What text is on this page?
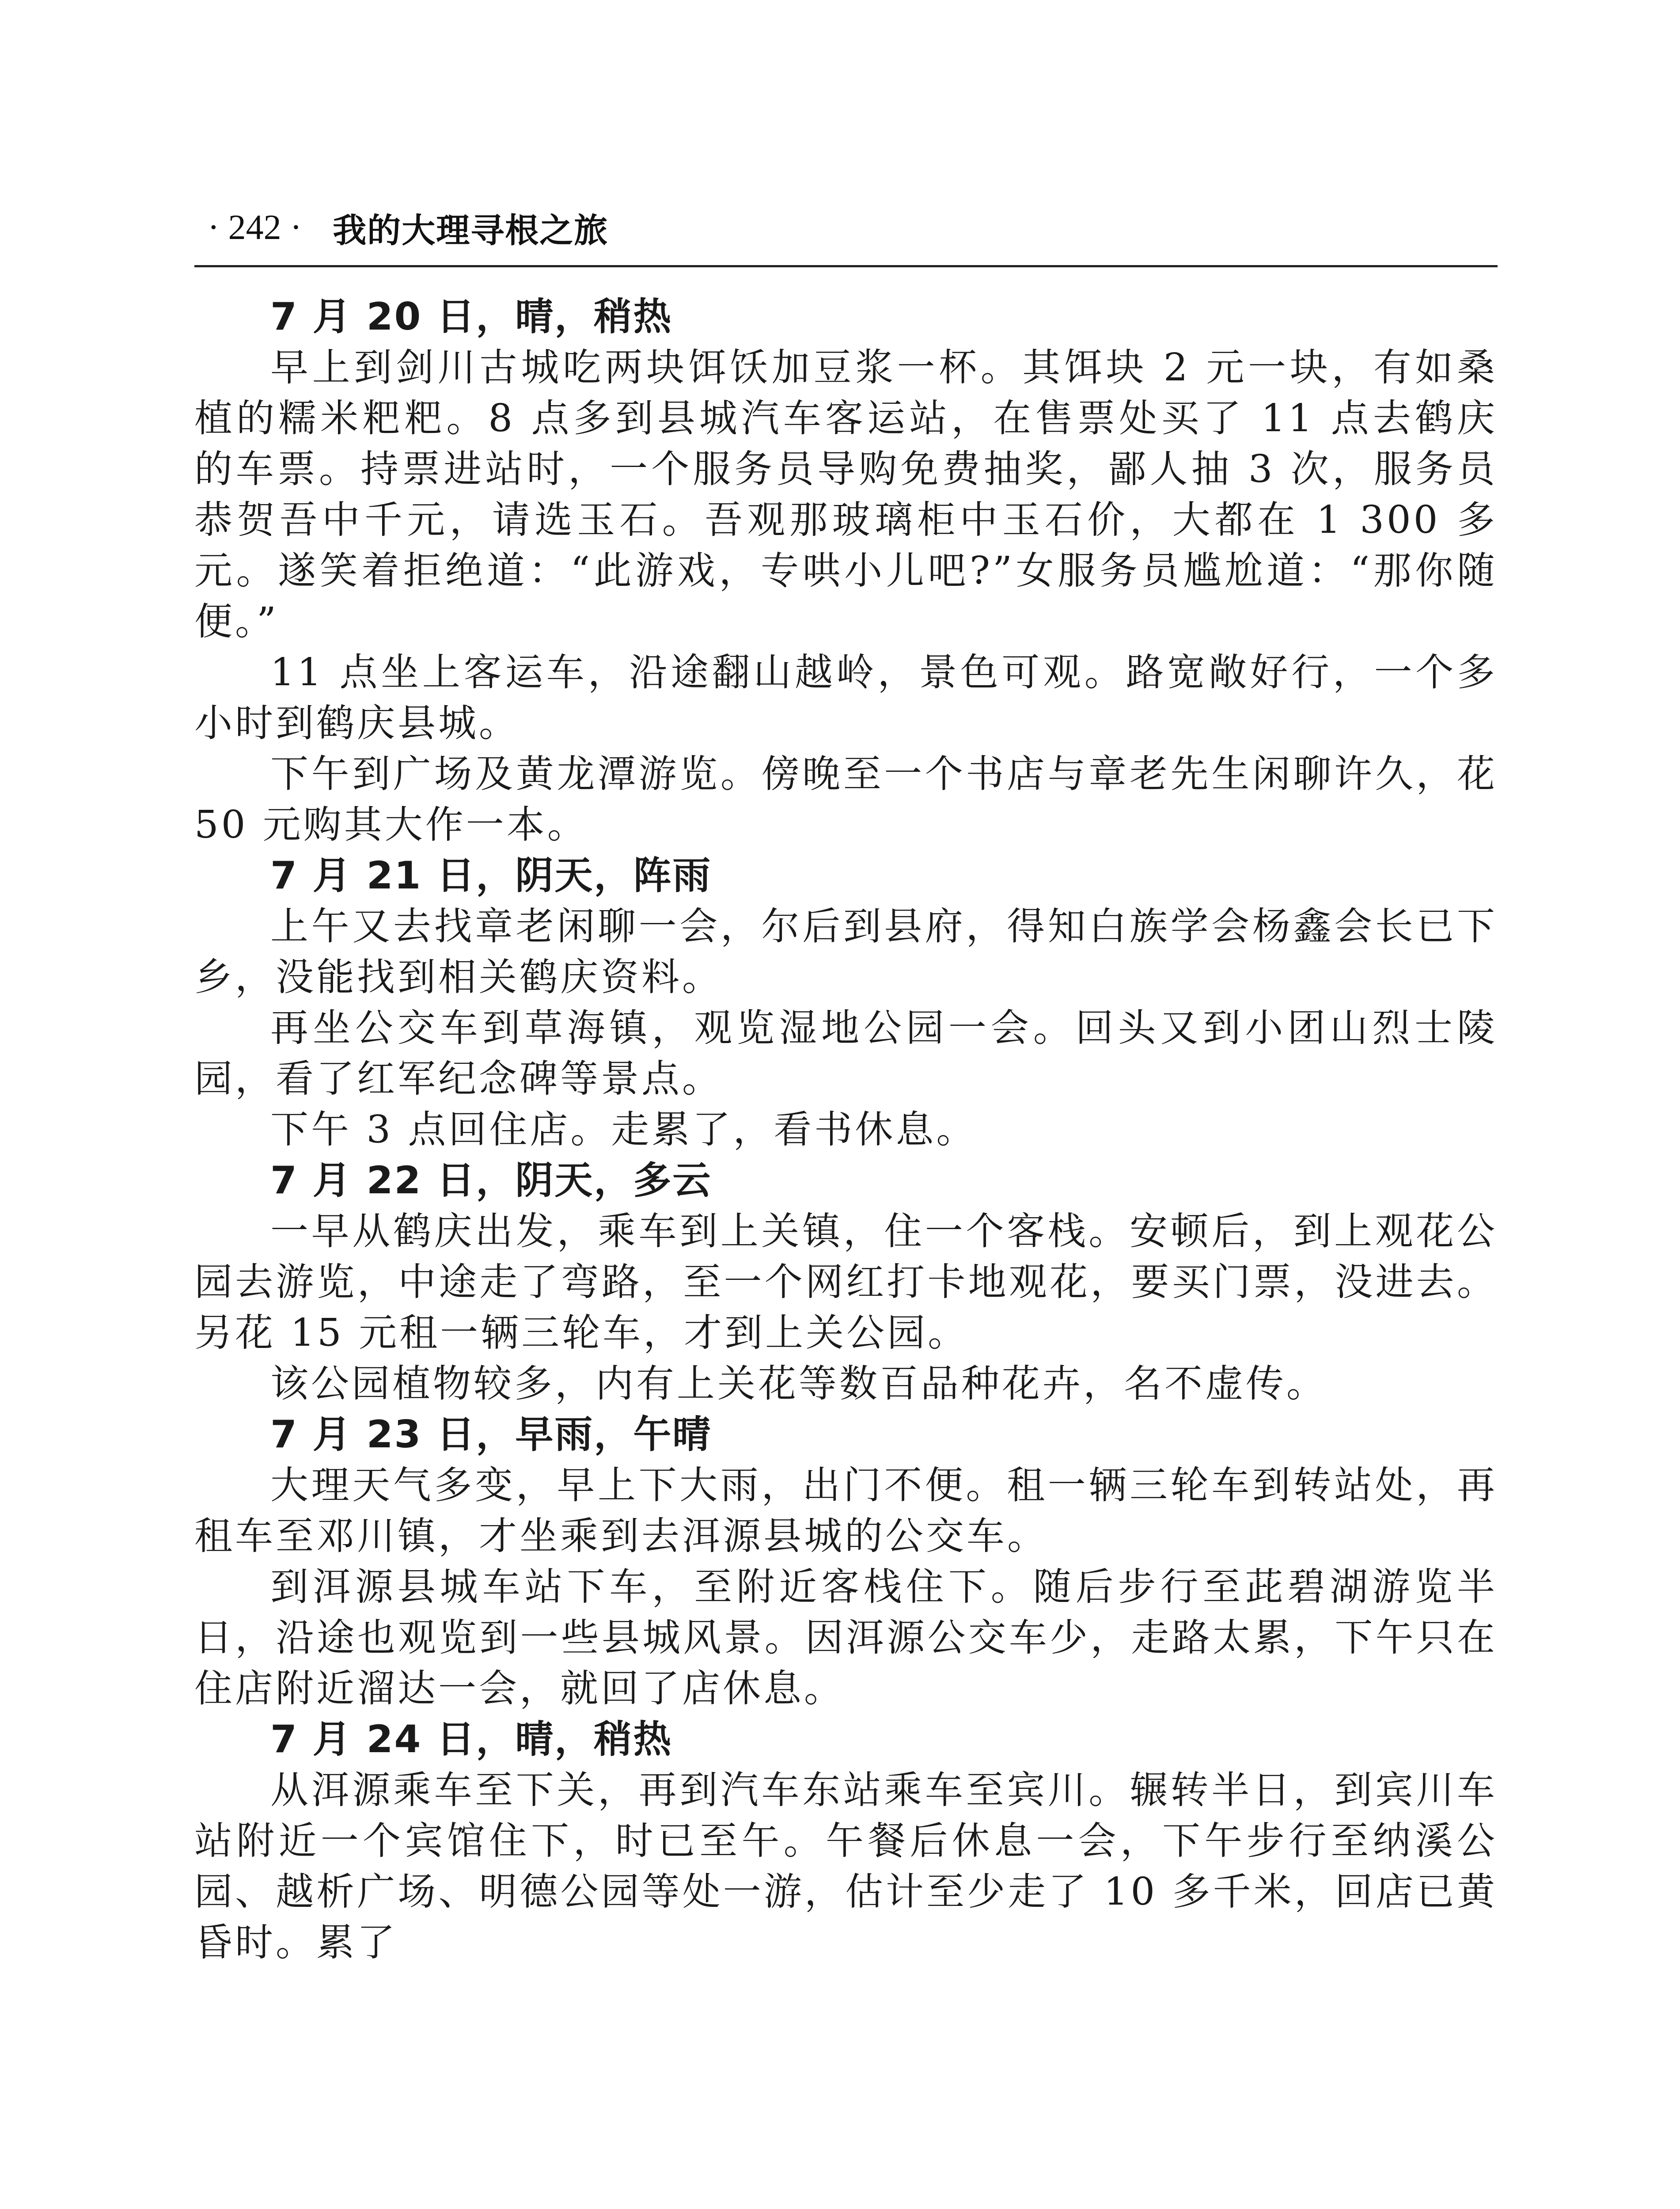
· 242 · 我的大理寻根之旅
7 月 20 日，晴，稍热
早上到剑川古城吃两块饵饫加豆浆一杯。其饵块 2 元一块，有如桑植的糯米粑粑。8 点多到县城汽车客运站，在售票处买了 11 点去鹤庆的车票。持票进站时，一个服务员导购免费抽奖，鄙人抽 3 次，服务员恭贺吾中千元，请选玉石。吾观那玻璃柜中玉石价，大都在 1 300 多元。遂笑着拒绝道：“此游戏，专哄小儿吧?”女服务员尴尬道：“那你随便。”
11 点坐上客运车，沿途翻山越岭，景色可观。路宽敞好行，一个多小时到鹤庆县城。
下午到广场及黄龙潭游览。傍晚至一个书店与章老先生闲聊许久，花 50 元购其大作一本。
7 月 21 日，阴天，阵雨
上午又去找章老闲聊一会，尔后到县府，得知白族学会杨鑫会长已下乡，没能找到相关鹤庆资料。
再坐公交车到草海镇，观览湿地公园一会。回头又到小团山烈士陵园，看了红军纪念碑等景点。
下午 3 点回住店。走累了，看书休息。
7 月 22 日，阴天，多云
一早从鹤庆出发，乘车到上关镇，住一个客栈。安顿后，到上观花公园去游览，中途走了弯路，至一个网红打卡地观花，要买门票，没进去。另花 15 元租一辆三轮车，才到上关公园。
该公园植物较多，内有上关花等数百品种花卉，名不虚传。
7 月 23 日，早雨，午晴
大理天气多变，早上下大雨，出门不便。租一辆三轮车到转站处，再租车至邓川镇，才坐乘到去洱源县城的公交车。
到洱源县城车站下车，至附近客栈住下。随后步行至茈碧湖游览半日，沿途也观览到一些县城风景。因洱源公交车少，走路太累，下午只在住店附近溜达一会，就回了店休息。
7 月 24 日，晴，稍热
从洱源乘车至下关，再到汽车东站乘车至宾川。辗转半日，到宾川车站附近一个宾馆住下，时已至午。午餐后休息一会，下午步行至纳溪公园、越析广场、明德公园等处一游，估计至少走了 10 多千米，回店已黄昏时。累了
